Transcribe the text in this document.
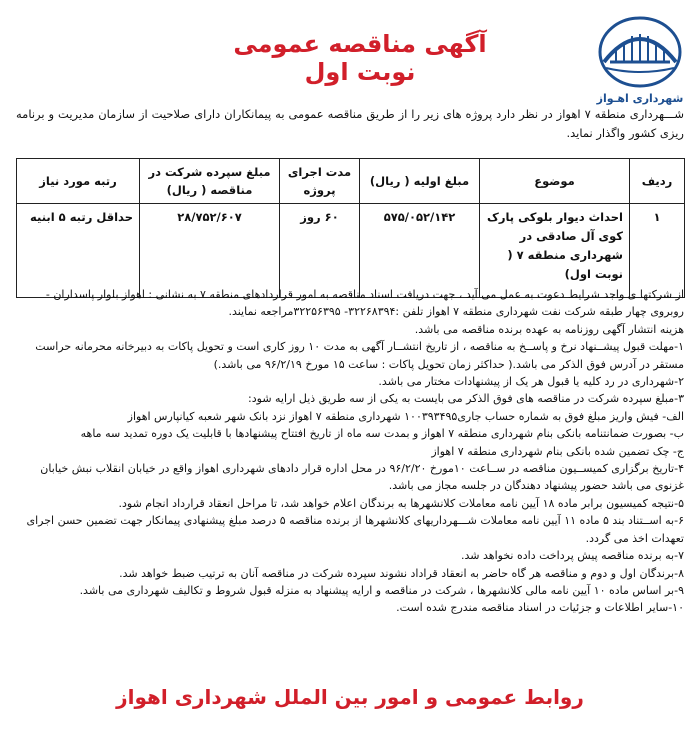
شهرداری اهـواز
آگهی مناقصه عمومی نوبت اول
شـــهرداری منطقه ۷ اهواز در نظر دارد پروژه های زیر را از طریق مناقصه عمومی به پیمانکاران دارای صلاحیت از سازمان مدیریت و برنامه ریزی کشور واگذار نماید.
ردیف	موضوع	مبلغ اولیه ( ریال)	مدت اجرای پروژه	مبلغ سپرده شرکت در مناقصه ( ریال)	رتبه مورد نیاز
۱	احداث دیوار بلوکی پارک کوی آل صادقی در شهرداری منطقه ۷ ( نوبت اول)	۵۷۵/۰۵۲/۱۴۲	۶۰ روز	۲۸/۷۵۲/۶۰۷	حداقل رتبه ۵ ابنیه

از شرکتها ی واجد شرایط دعوت به عمل می آید ، جهت دریافت اسناد مناقصه به امور قراردادهای منطقه ۷ به نشانی : اهواز بلوار پاسداران - روبروی چهار طبقه شرکت نفت شهرداری منطقه ۷ اهواز تلفن :۳۲۲۶۸۳۹۴- ۳۲۲۵۶۳۹۵مراجعه نمایند.

هزینه انتشار آگهی روزنامه به عهده برنده مناقصه می باشد.

۱-مهلت قبول پیشــنهاد نرخ و پاســخ به مناقصه ، از تاریخ انتشــار آگهی به مدت ۱۰ روز کاری است و تحویل پاکات به دبیرخانه محرمانه حراست مستقر در آدرس فوق الذکر می باشد.( حداکثر زمان تحویل پاکات : ساعت ۱۵ مورخ ۹۶/۲/۱۹ می باشد.)

۲-شهرداری در رد کلیه یا قبول هر یک از پیشنهادات مختار می باشد.

۳-مبلغ سپرده شرکت در مناقصه های فوق الذکر می بایست به یکی از سه طریق ذیل ارایه شود:

الف- فیش واریز مبلغ فوق به شماره حساب جاری۱۰۰۳۹۳۴۹۵ شهرداری منطقه ۷ اهواز نزد بانک شهر شعبه کیانپارس اهواز

ب- بصورت ضمانتنامه بانکی بنام شهرداری منطقه ۷ اهواز و بمدت سه ماه از تاریخ افتتاح پیشنهادها با قابلیت یک دوره تمدید سه ماهه

ج- چک تضمین شده بانکی بنام شهرداری منطقه ۷ اهواز

۴-تاریخ برگزاری کمیســیون مناقصه در ســاعت ۱۰مورخ ۹۶/۲/۲۰ در محل اداره قرار دادهای شهرداری اهواز واقع در خیابان انقلاب نبش خیابان غزنوی می باشد حضور پیشنهاد دهندگان در جلسه مجاز می باشد.

۵-نتیجه کمیسیون برابر ماده ۱۸ آیین نامه معاملات کلانشهرها به برندگان اعلام خواهد شد، تا مراحل انعقاد قرارداد انجام شود.

۶-به اســتناد بند ۵ ماده ۱۱ آیین نامه معاملات شـــهرداریهای کلانشهرها از برنده مناقصه ۵ درصد مبلغ پیشنهادی پیمانکار جهت تضمین حسن اجرای تعهدات اخذ می گردد.

۷-به برنده مناقصه پیش پرداخت داده نخواهد شد.

۸-برندگان اول و دوم و مناقصه هر گاه حاضر به انعقاد قراداد نشوند سپرده شرکت در مناقصه آنان به ترتیب ضبط خواهد شد.

۹-بر اساس ماده ۱۰ آیین نامه مالی کلانشهرها ، شرکت در مناقصه و ارایه پیشنهاد به منزله قبول شروط و تکالیف شهرداری می باشد.

۱۰-سایر اطلاعات و جزئیات در اسناد مناقصه مندرج شده است.

روابط عمومی و امور بین الملل شهرداری اهواز
